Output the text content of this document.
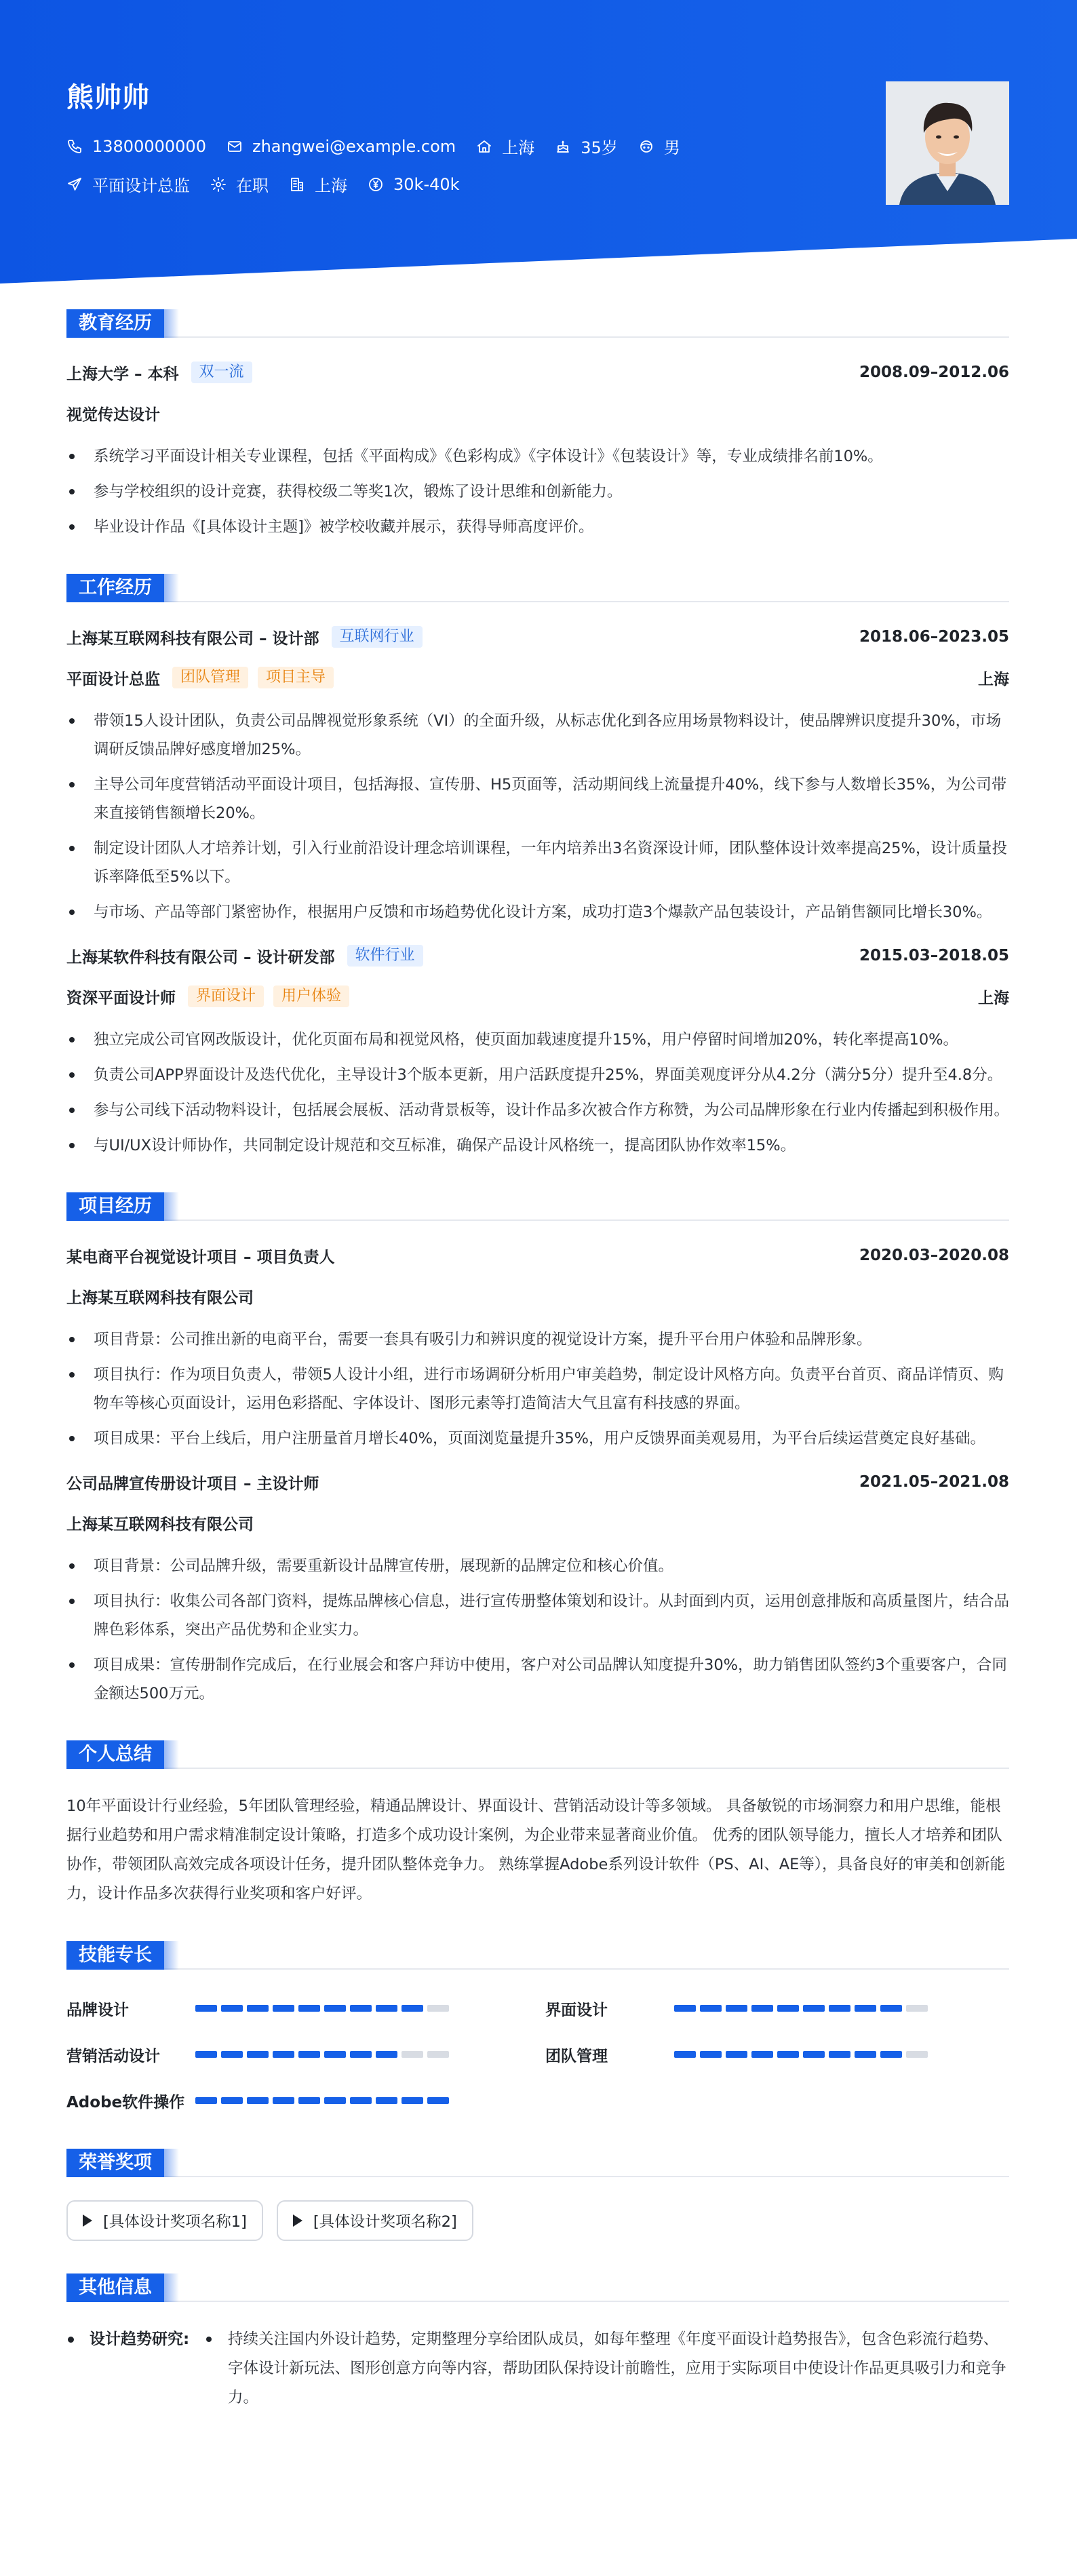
熊帅帅
13800000000	zhangwei@example.com	上海	35岁	男
平面设计总监	在职	上海	30k-40k
教育经历
上海大学 – 本科	双一流	2008.09–2012.06
视觉传达设计
系统学习平面设计相关专业课程，包括《平面构成》《色彩构成》《字体设计》《包装设计》等，专业成绩排名前10%。
参与学校组织的设计竞赛，获得校级二等奖1次，锻炼了设计思维和创新能力。
毕业设计作品《[具体设计主题]》被学校收藏并展示，获得导师高度评价。
工作经历
上海某互联网科技有限公司 – 设计部	互联网行业	2018.06–2023.05
平面设计总监	团队管理	项目主导	上海
带领15人设计团队，负责公司品牌视觉形象系统（VI）的全面升级，从标志优化到各应用场景物料设计，使品牌辨识度提升30%，市场调研反馈品牌好感度增加25%。
主导公司年度营销活动平面设计项目，包括海报、宣传册、H5页面等，活动期间线上流量提升40%，线下参与人数增长35%，为公司带来直接销售额增长20%。
制定设计团队人才培养计划，引入行业前沿设计理念培训课程，一年内培养出3名资深设计师，团队整体设计效率提高25%，设计质量投诉率降低至5%以下。
与市场、产品等部门紧密协作，根据用户反馈和市场趋势优化设计方案，成功打造3个爆款产品包装设计，产品销售额同比增长30%。
上海某软件科技有限公司 – 设计研发部	软件行业	2015.03–2018.05
资深平面设计师	界面设计	用户体验	上海
独立完成公司官网改版设计，优化页面布局和视觉风格，使页面加载速度提升15%，用户停留时间增加20%，转化率提高10%。
负责公司APP界面设计及迭代优化，主导设计3个版本更新，用户活跃度提升25%，界面美观度评分从4.2分（满分5分）提升至4.8分。
参与公司线下活动物料设计，包括展会展板、活动背景板等，设计作品多次被合作方称赞，为公司品牌形象在行业内传播起到积极作用。
与UI/UX设计师协作，共同制定设计规范和交互标准，确保产品设计风格统一，提高团队协作效率15%。
项目经历
某电商平台视觉设计项目 – 项目负责人	2020.03–2020.08
上海某互联网科技有限公司
项目背景：公司推出新的电商平台，需要一套具有吸引力和辨识度的视觉设计方案，提升平台用户体验和品牌形象。
项目执行：作为项目负责人，带领5人设计小组，进行市场调研分析用户审美趋势，制定设计风格方向。负责平台首页、商品详情页、购物车等核心页面设计，运用色彩搭配、字体设计、图形元素等打造简洁大气且富有科技感的界面。
项目成果：平台上线后，用户注册量首月增长40%，页面浏览量提升35%，用户反馈界面美观易用，为平台后续运营奠定良好基础。
公司品牌宣传册设计项目 – 主设计师	2021.05–2021.08
上海某互联网科技有限公司
项目背景：公司品牌升级，需要重新设计品牌宣传册，展现新的品牌定位和核心价值。
项目执行：收集公司各部门资料，提炼品牌核心信息，进行宣传册整体策划和设计。从封面到内页，运用创意排版和高质量图片，结合品牌色彩体系，突出产品优势和企业实力。
项目成果：宣传册制作完成后，在行业展会和客户拜访中使用，客户对公司品牌认知度提升30%，助力销售团队签约3个重要客户，合同金额达500万元。
个人总结

10年平面设计行业经验，5年团队管理经验，精通品牌设计、界面设计、营销活动设计等多领域。 具备敏锐的市场洞察力和用户思维，能根据行业趋势和用户需求精准制定设计策略，打造多个成功设计案例，为企业带来显著商业价值。 优秀的团队领导能力，擅长人才培养和团队协作，带领团队高效完成各项设计任务，提升团队整体竞争力。 熟练掌握Adobe系列设计软件（PS、AI、AE等），具备良好的审美和创新能力，设计作品多次获得行业奖项和客户好评。

技能专长
品牌设计	界面设计
营销活动设计	团队管理
Adobe软件操作
荣誉奖项
[具体设计奖项名称1]	[具体设计奖项名称2]
其他信息
设计趋势研究:	持续关注国内外设计趋势，定期整理分享给团队成员，如每年整理《年度平面设计趋势报告》，包含色彩流行趋势、字体设计新玩法、图形创意方向等内容，帮助团队保持设计前瞻性，应用于实际项目中使设计作品更具吸引力和竞争力。
